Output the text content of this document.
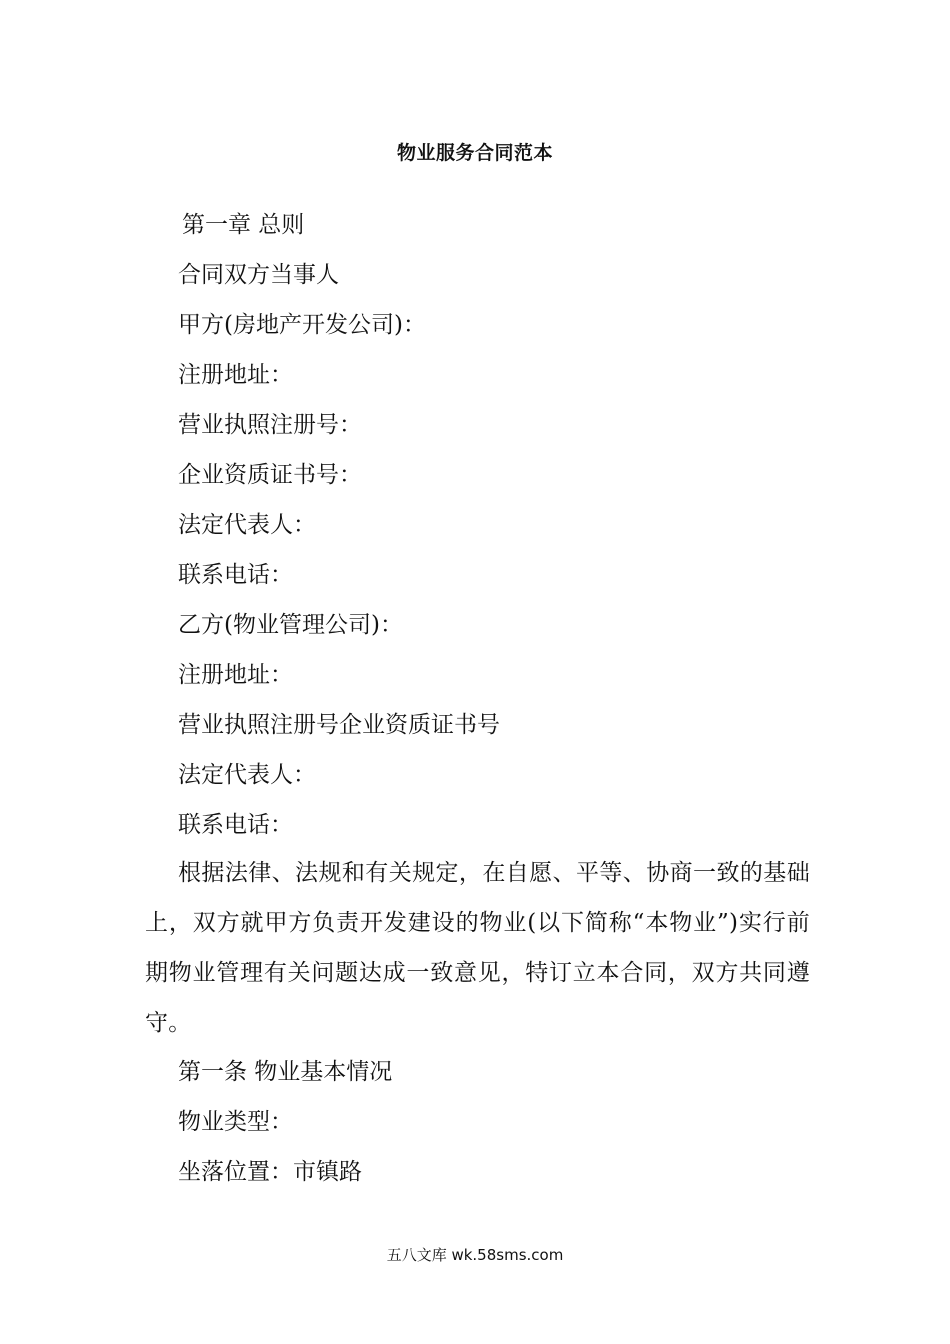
物业服务合同范本
第一章 总则
合同双方当事人
甲方(房地产开发公司)：
注册地址：
营业执照注册号：
企业资质证书号：
法定代表人：
联系电话：
乙方(物业管理公司)：
注册地址：
营业执照注册号企业资质证书号
法定代表人：
联系电话：
根据法律、法规和有关规定，在自愿、平等、协商一致的基础上，双方就甲方负责开发建设的物业(以下简称“本物业”)实行前期物业管理有关问题达成一致意见，特订立本合同，双方共同遵守。
第一条 物业基本情况
物业类型：
坐落位置：市镇路
五八文库 wk.58sms.com
